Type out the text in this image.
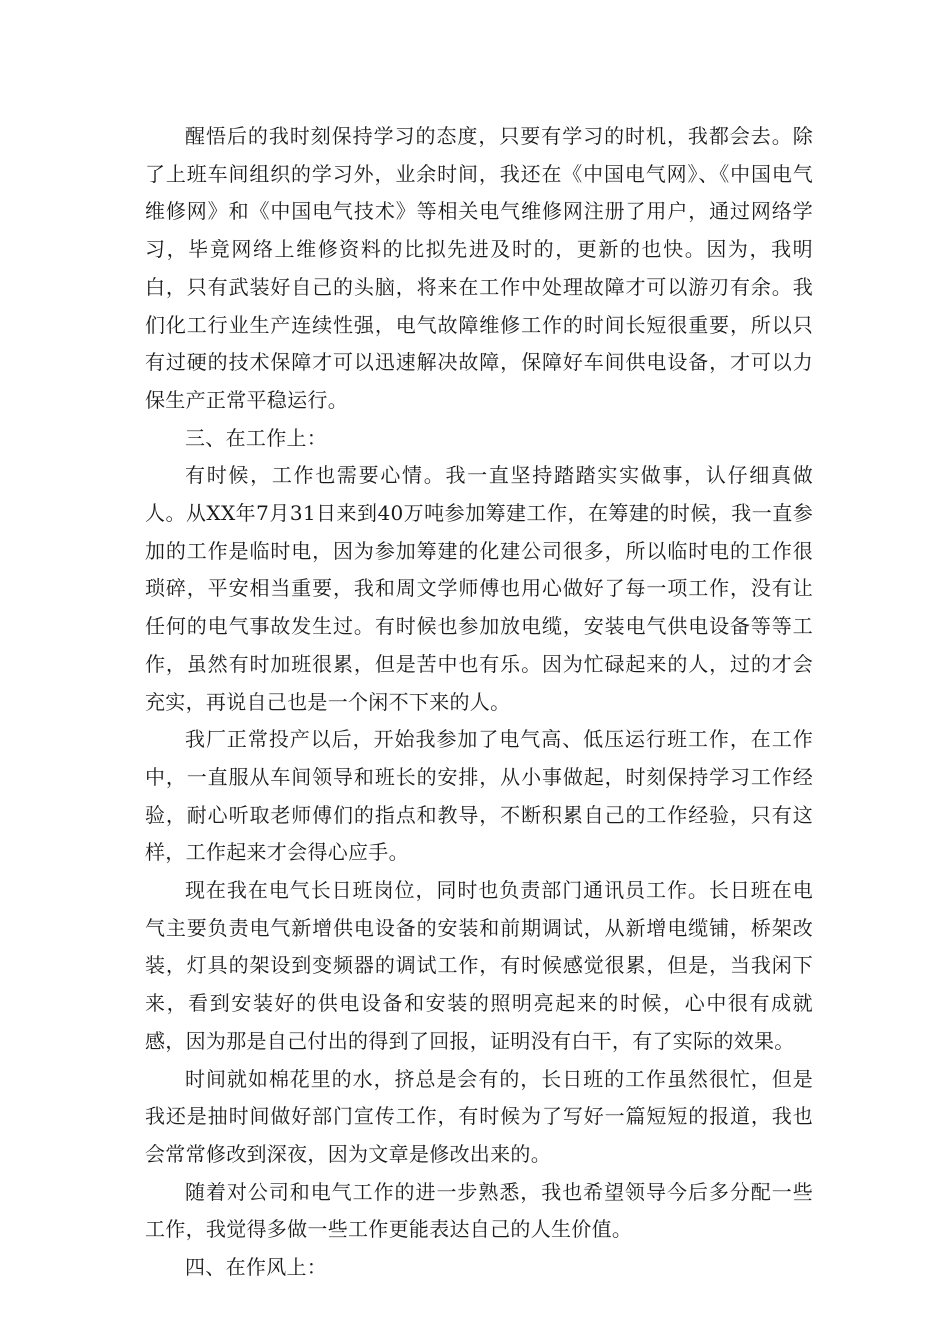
醒悟后的我时刻保持学习的态度，只要有学习的时机，我都会去。除了上班车间组织的学习外，业余时间，我还在《中国电气网》、《中国电气维修网》和《中国电气技术》等相关电气维修网注册了用户，通过网络学习，毕竟网络上维修资料的比拟先进及时的，更新的也快。因为，我明白，只有武装好自己的头脑，将来在工作中处理故障才可以游刃有余。我们化工行业生产连续性强，电气故障维修工作的时间长短很重要，所以只有过硬的技术保障才可以迅速解决故障，保障好车间供电设备，才可以力保生产正常平稳运行。

三、在工作上：

有时候，工作也需要心情。我一直坚持踏踏实实做事，认仔细真做人。从XX年7月31日来到40万吨参加筹建工作，在筹建的时候，我一直参加的工作是临时电，因为参加筹建的化建公司很多，所以临时电的工作很琐碎，平安相当重要，我和周文学师傅也用心做好了每一项工作，没有让任何的电气事故发生过。有时候也参加放电缆，安装电气供电设备等等工作，虽然有时加班很累，但是苦中也有乐。因为忙碌起来的人，过的才会充实，再说自己也是一个闲不下来的人。

我厂正常投产以后，开始我参加了电气高、低压运行班工作，在工作中，一直服从车间领导和班长的安排，从小事做起，时刻保持学习工作经验，耐心听取老师傅们的指点和教导，不断积累自己的工作经验，只有这样，工作起来才会得心应手。

现在我在电气长日班岗位，同时也负责部门通讯员工作。长日班在电气主要负责电气新增供电设备的安装和前期调试，从新增电缆铺，桥架改装，灯具的架设到变频器的调试工作，有时候感觉很累，但是，当我闲下来，看到安装好的供电设备和安装的照明亮起来的时候，心中很有成就感，因为那是自己付出的得到了回报，证明没有白干，有了实际的效果。

时间就如棉花里的水，挤总是会有的，长日班的工作虽然很忙，但是我还是抽时间做好部门宣传工作，有时候为了写好一篇短短的报道，我也会常常修改到深夜，因为文章是修改出来的。

随着对公司和电气工作的进一步熟悉，我也希望领导今后多分配一些工作，我觉得多做一些工作更能表达自己的人生价值。

四、在作风上：
